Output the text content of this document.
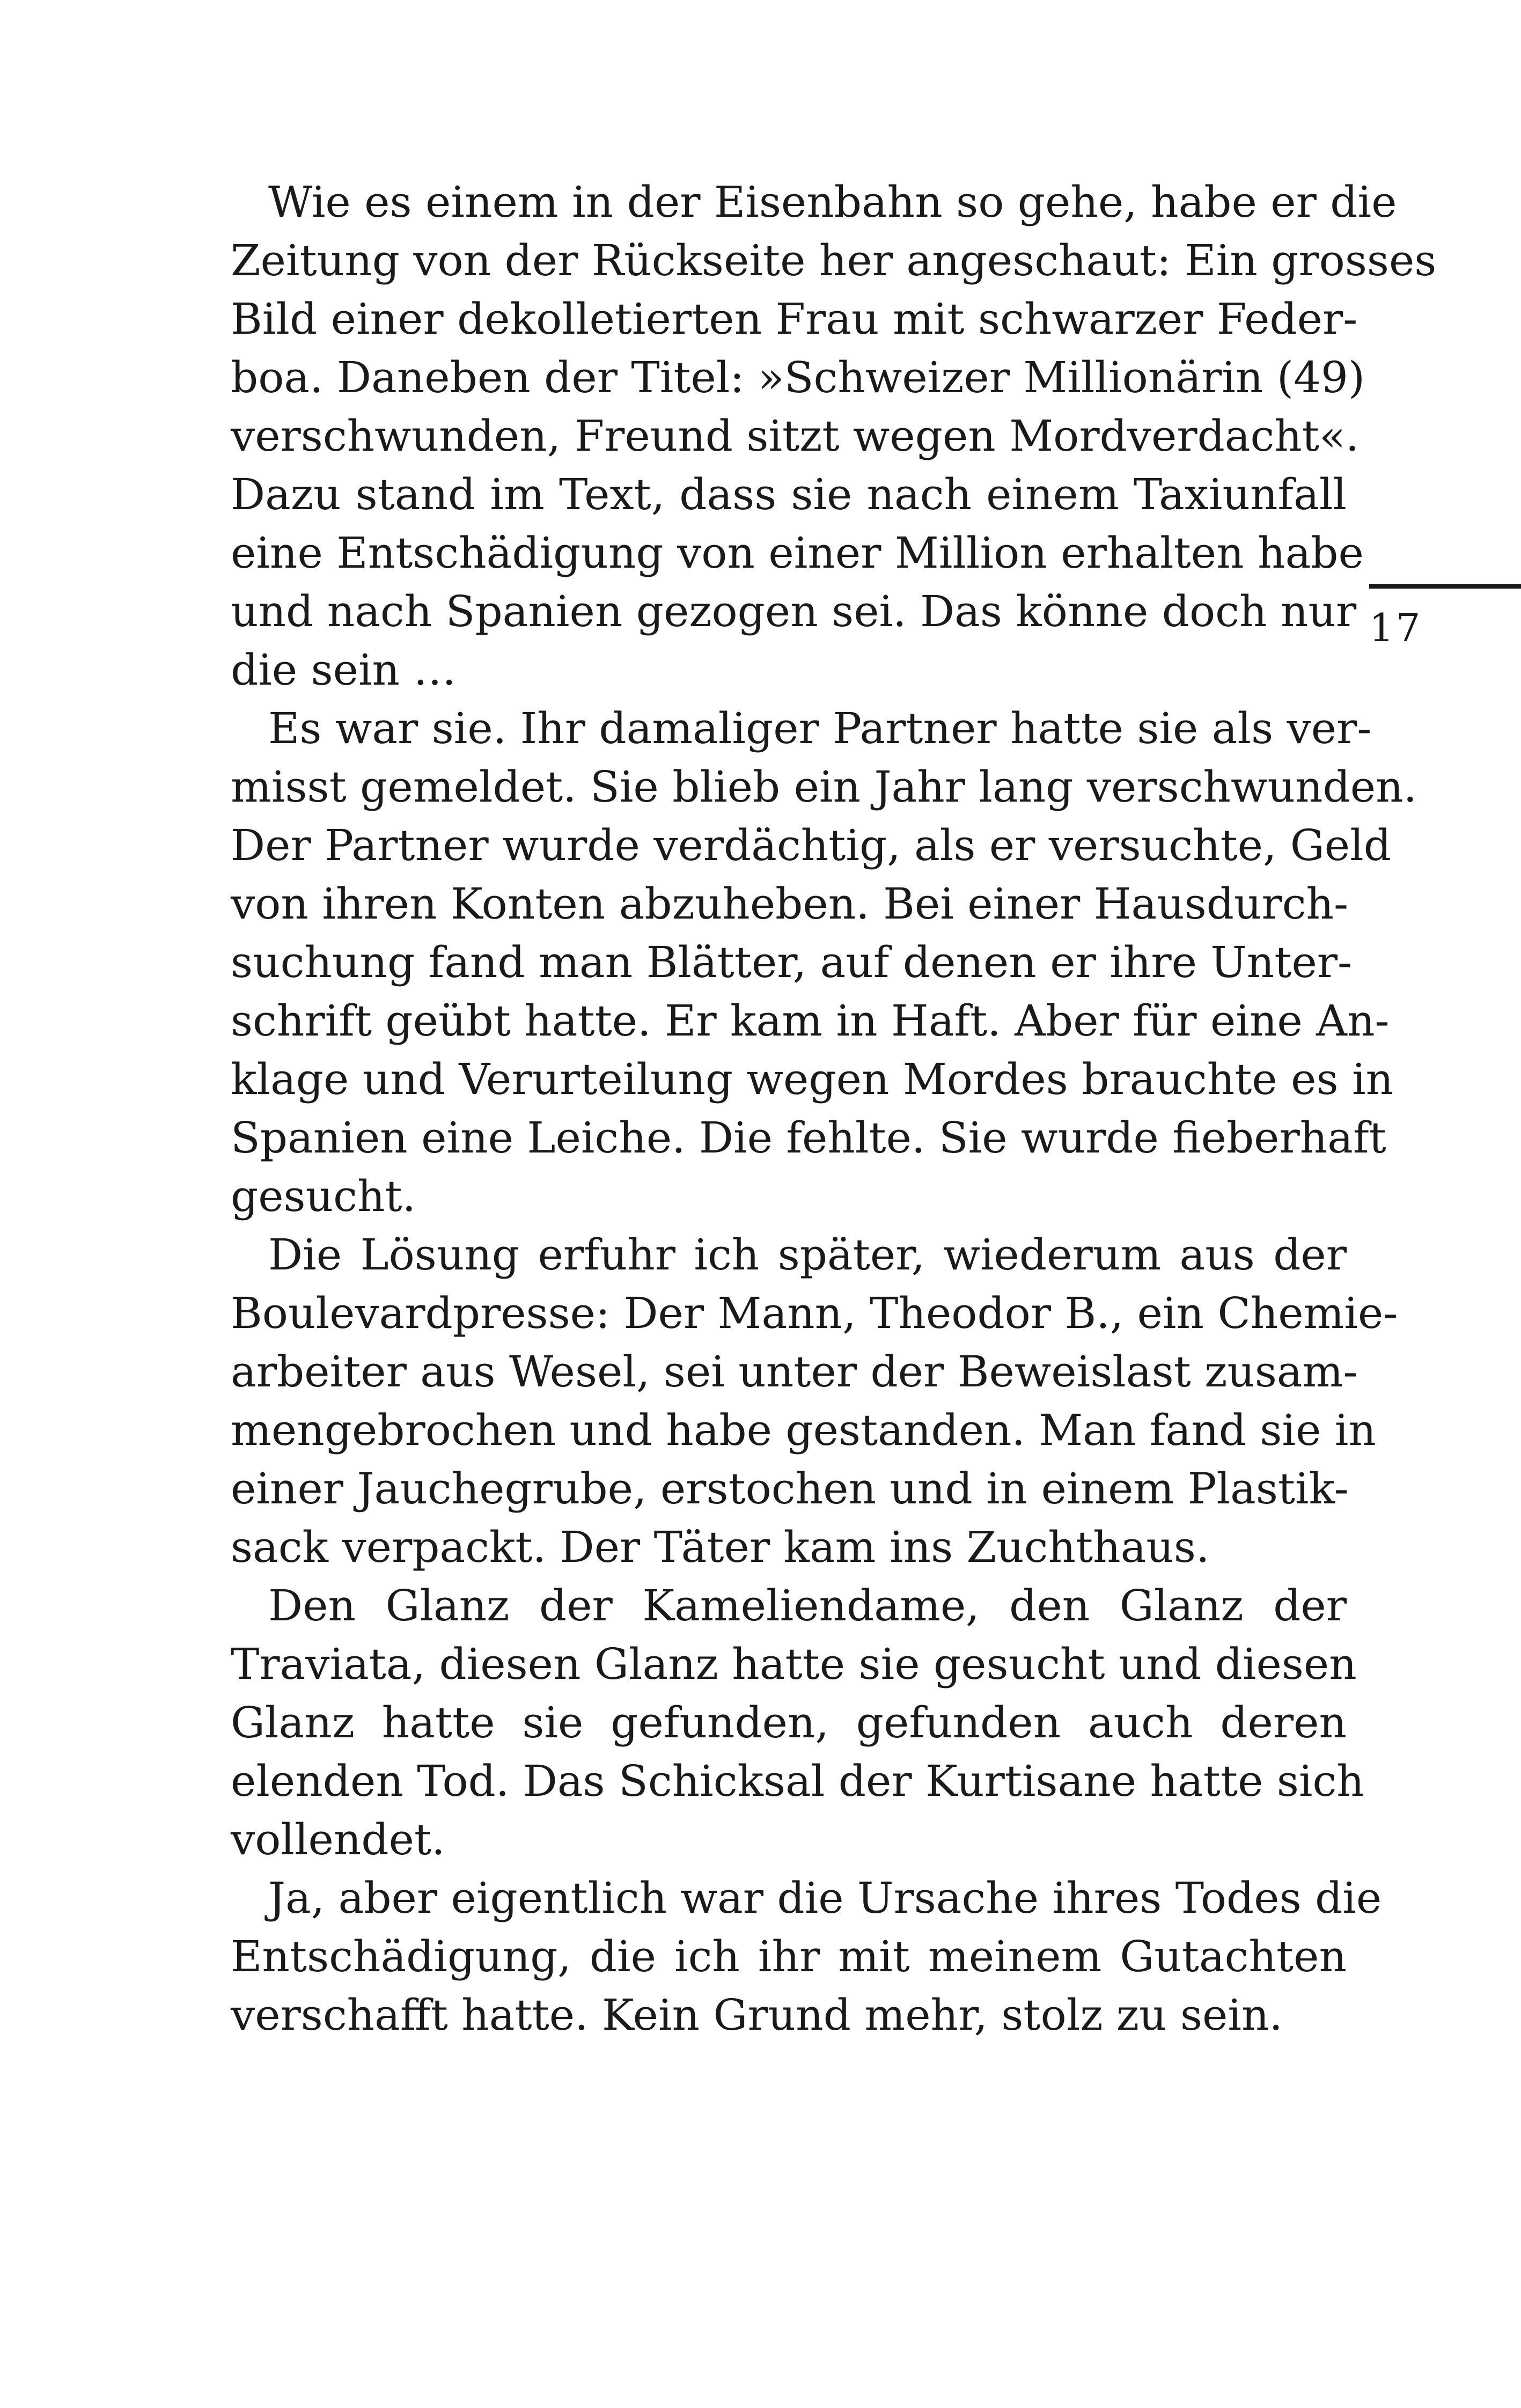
Wie es einem in der Eisenbahn so gehe, habe er die
Zeitung von der Rückseite her angeschaut: Ein grosses
Bild einer dekolletierten Frau mit schwarzer Feder-
boa. Daneben der Titel: »Schweizer Millionärin (49)
verschwunden, Freund sitzt wegen Mordverdacht«.
Dazu stand im Text, dass sie nach einem Taxiunfall
eine Entschädigung von einer Million erhalten habe
und nach Spanien gezogen sei. Das könne doch nur
die sein …

Es war sie. Ihr damaliger Partner hatte sie als ver-
misst gemeldet. Sie blieb ein Jahr lang verschwunden.
Der Partner wurde verdächtig, als er versuchte, Geld
von ihren Konten abzuheben. Bei einer Hausdurch-
suchung fand man Blätter, auf denen er ihre Unter-
schrift geübt hatte. Er kam in Haft. Aber für eine An-
klage und Verurteilung wegen Mordes brauchte es in
Spanien eine Leiche. Die fehlte. Sie wurde fieberhaft
gesucht.

Die Lösung erfuhr ich später, wiederum aus der
Boulevardpresse: Der Mann, Theodor B., ein Chemie-
arbeiter aus Wesel, sei unter der Beweislast zusam-
mengebrochen und habe gestanden. Man fand sie in
einer Jauchegrube, erstochen und in einem Plastik-
sack verpackt. Der Täter kam ins Zuchthaus.

Den Glanz der Kameliendame, den Glanz der
Traviata, diesen Glanz hatte sie gesucht und diesen
Glanz hatte sie gefunden, gefunden auch deren
elenden Tod. Das Schicksal der Kurtisane hatte sich
vollendet.

Ja, aber eigentlich war die Ursache ihres Todes die
Entschädigung, die ich ihr mit meinem Gutachten
verschafft hatte. Kein Grund mehr, stolz zu sein.

17
